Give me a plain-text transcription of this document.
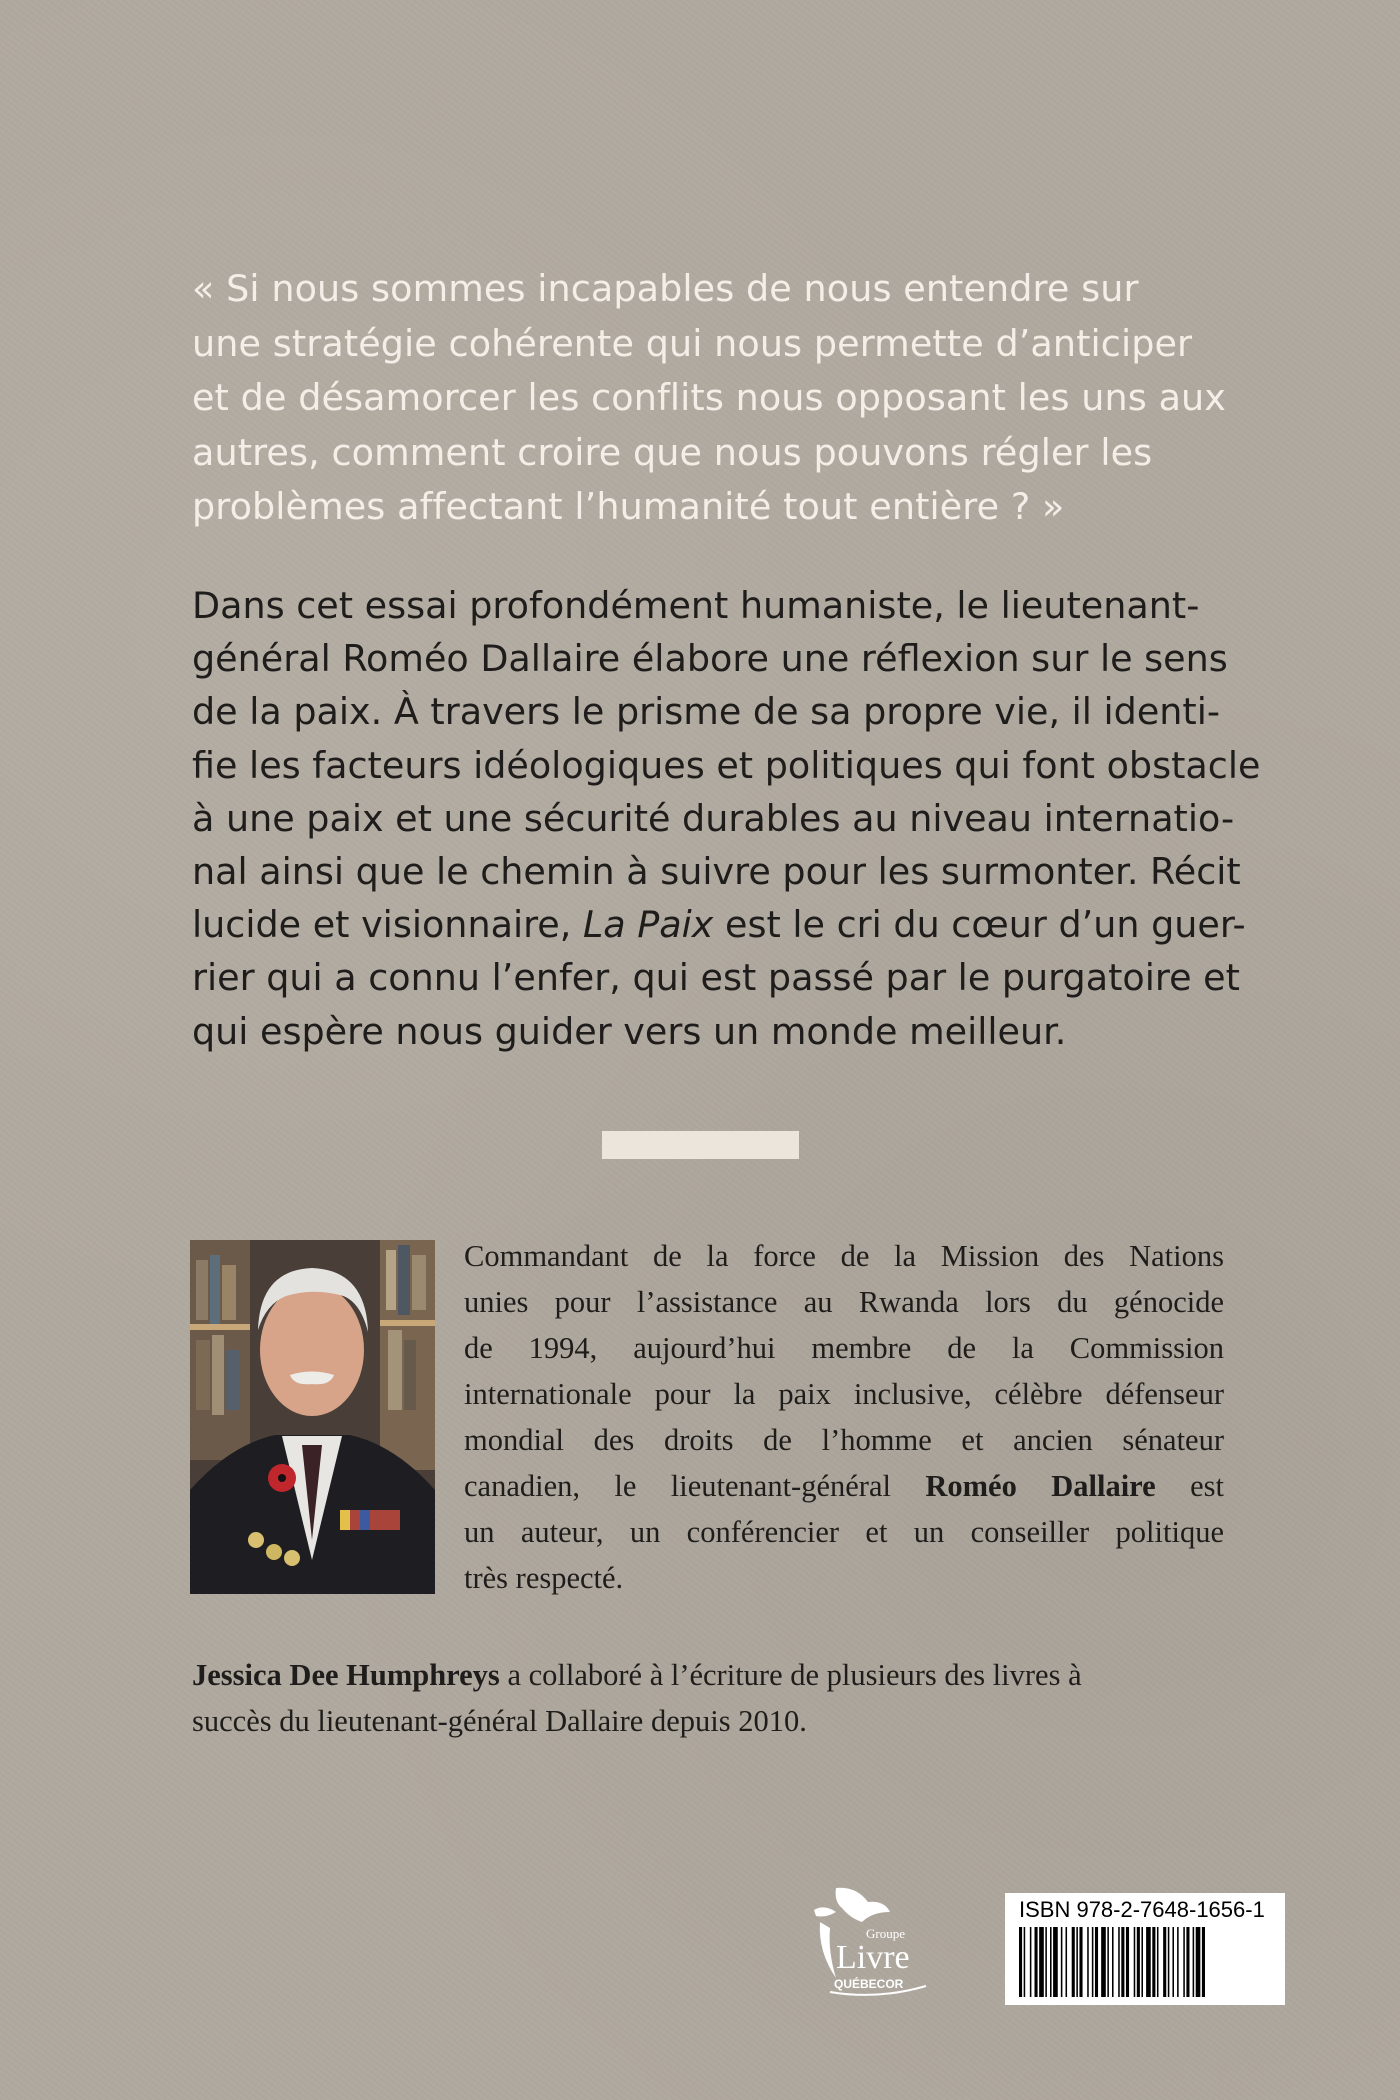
« Si nous sommes incapables de nous entendre sur
une stratégie cohérente qui nous permette d’anticiper
et de désamorcer les conflits nous opposant les uns aux
autres, comment croire que nous pouvons régler les
problèmes affectant l’humanité tout entière ? »
Dans cet essai profondément humaniste, le lieutenant-
général Roméo Dallaire élabore une réflexion sur le sens
de la paix. À travers le prisme de sa propre vie, il identi-
fie les facteurs idéologiques et politiques qui font obstacle
à une paix et une sécurité durables au niveau internatio-
nal ainsi que le chemin à suivre pour les surmonter. Récit
lucide et visionnaire, La Paix est le cri du cœur d’un guer-
rier qui a connu l’enfer, qui est passé par le purgatoire et
qui espère nous guider vers un monde meilleur.
Commandant de la force de la Mission des Nations
unies pour l’assistance au Rwanda lors du génocide
de 1994, aujourd’hui membre de la Commission
internationale pour la paix inclusive, célèbre défenseur
mondial des droits de l’homme et ancien sénateur
canadien, le lieutenant-général Roméo Dallaire est
un auteur, un conférencier et un conseiller politique
très respecté.
Jessica Dee Humphreys a collaboré à l’écriture de plusieurs des livres à
succès du lieutenant-général Dallaire depuis 2010.
Groupe
Livre
QUÉBECOR
ISBN 978-2-7648-1656-1
